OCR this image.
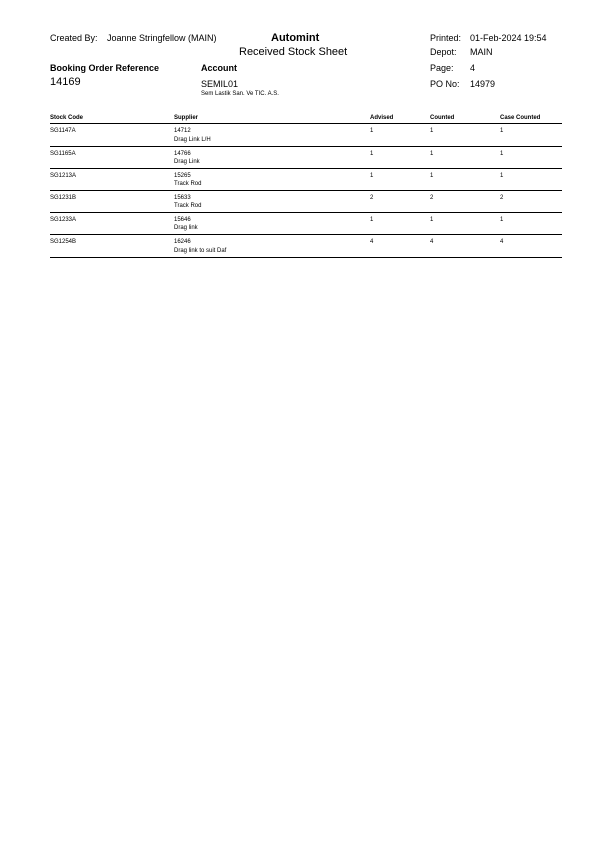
Created By: Joanne Stringfellow (MAIN)	Automint
Received Stock Sheet
Printed: 01-Feb-2024 19:54
Depot: MAIN
Booking Order Reference	Account	Page: 4
14169	SEMIL01	PO No: 14979
Sem Lastik San. Ve TIC. A.S.
Stock Code	Supplier	Advised	Counted	Case Counted
SG1147A	14712
Drag Link L/H
1	1	1
SG1165A	14766
Drag Link
1	1	1
SG1213A	15265
Track Rod
1	1	1
SG1231B	15633
Track Rod
2	2	2
SG1233A	15646
Drag link
1	1	1
SG1254B	16246
Drag link to suit Daf
4	4	4
